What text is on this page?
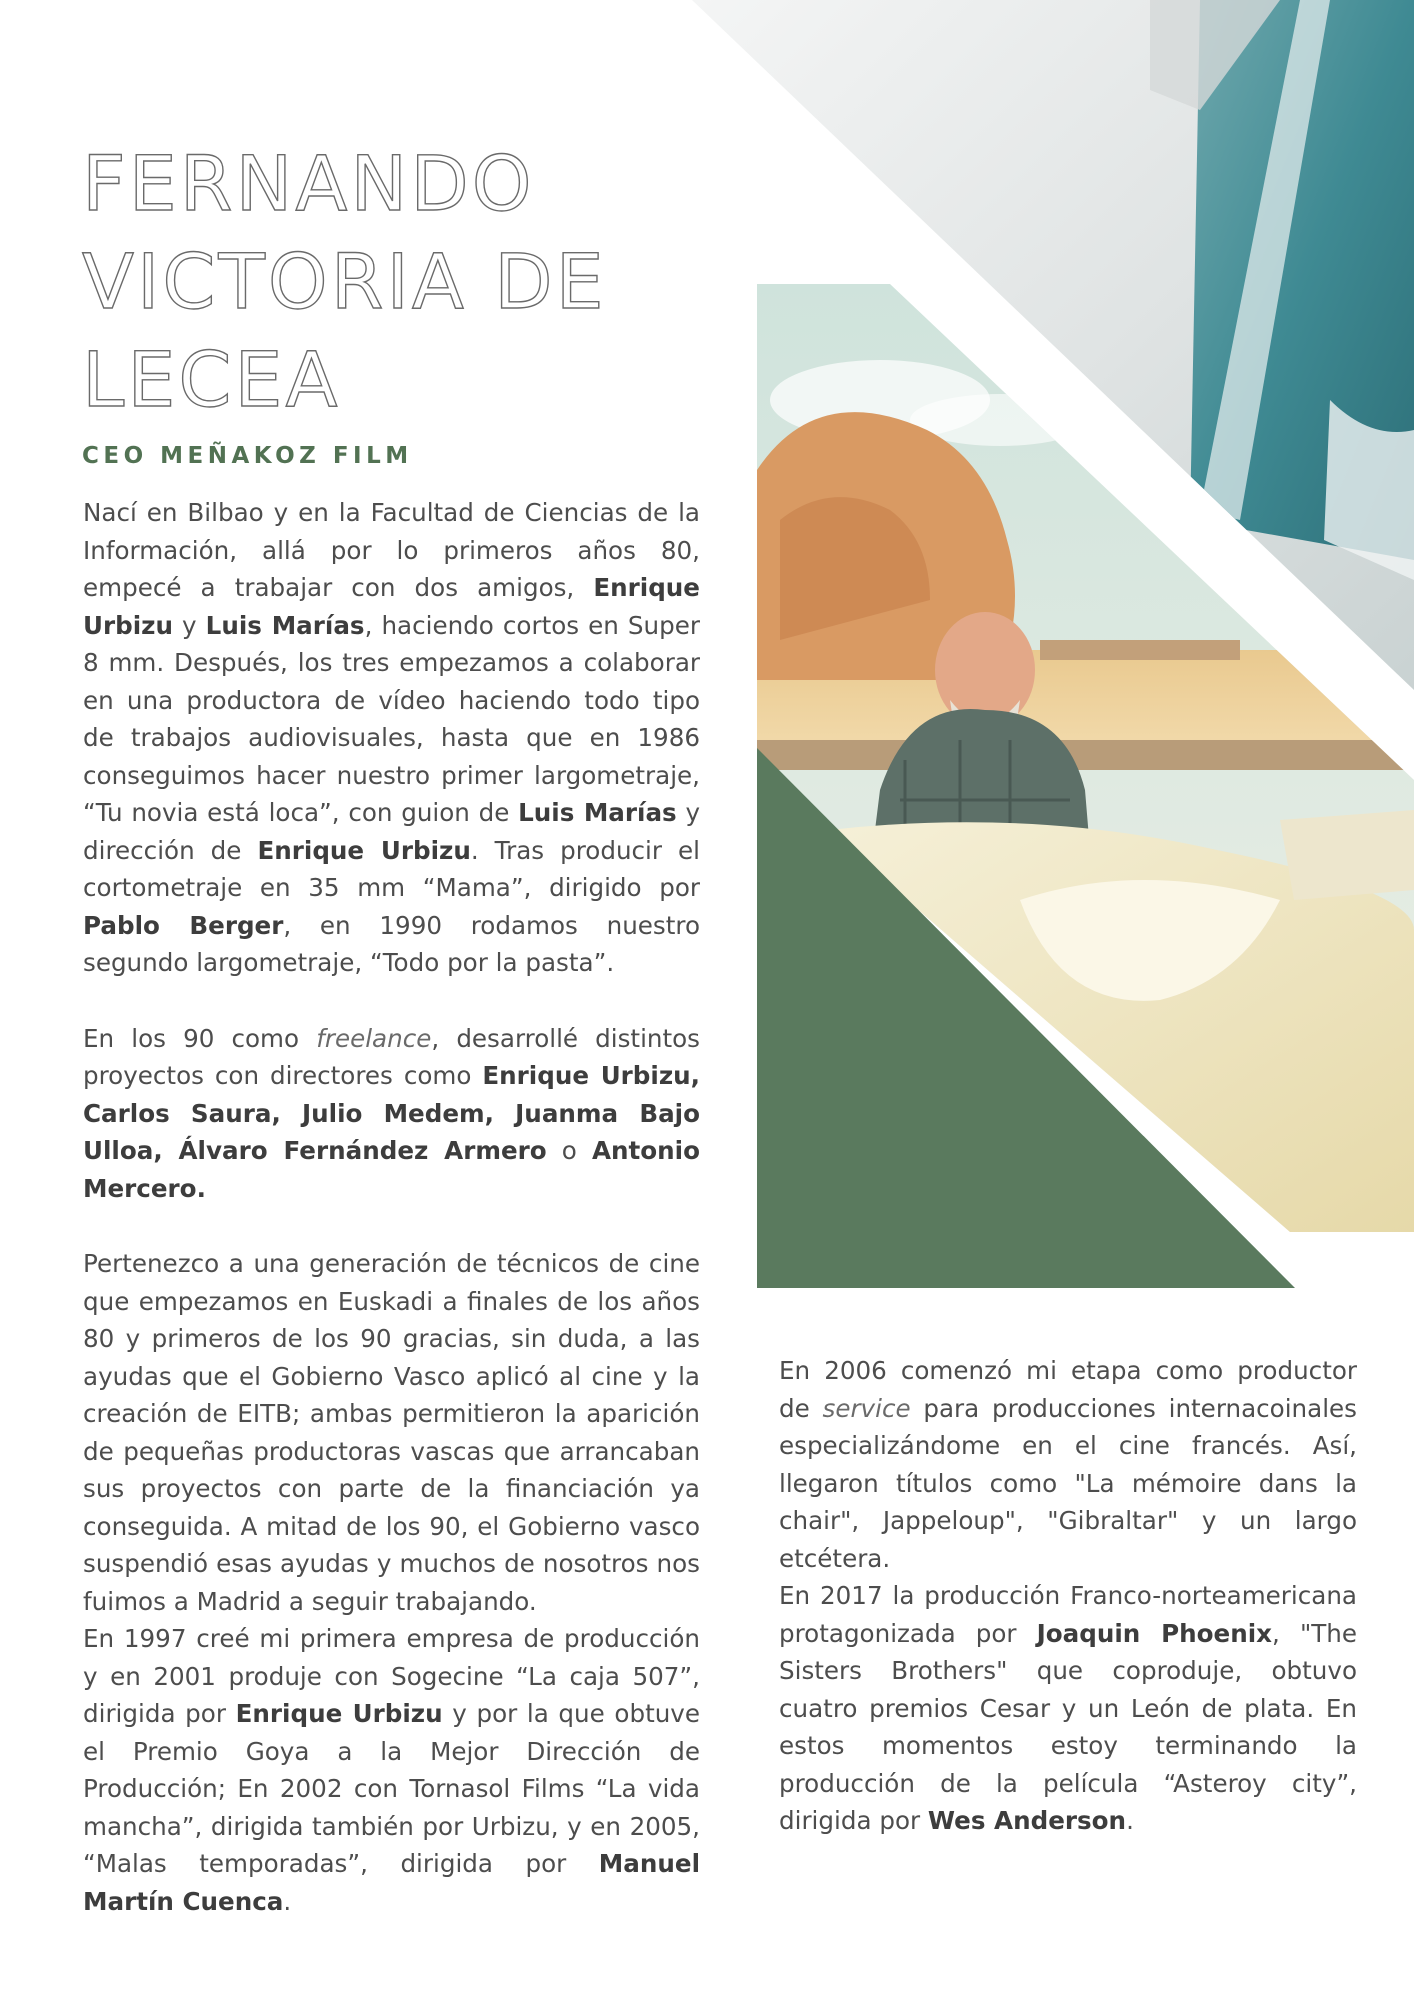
FERNANDO
VICTORIA DE
LECEA
CEO MEÑAKOZ FILM

Nací en Bilbao y en la Facultad de Ciencias de la Información, allá por lo primeros años 80, empecé a trabajar con dos amigos, Enrique Urbizu y Luis Marías, haciendo cortos en Super 8 mm. Después, los tres empezamos a colaborar en una productora de vídeo haciendo todo tipo de trabajos audiovisuales, hasta que en 1986 conseguimos hacer nuestro primer largometraje, “Tu novia está loca”, con guion de Luis Marías y dirección de Enrique Urbizu. Tras producir el cortometraje en 35 mm “Mama”, dirigido por Pablo Berger, en 1990 rodamos nuestro segundo largometraje, “Todo por la pasta”.

En los 90 como freelance, desarrollé distintos proyectos con directores como Enrique Urbizu, Carlos Saura, Julio Medem, Juanma Bajo Ulloa, Álvaro Fernández Armero o Antonio Mercero.

Pertenezco a una generación de técnicos de cine que empezamos en Euskadi a finales de los años 80 y primeros de los 90 gracias, sin duda, a las ayudas que el Gobierno Vasco aplicó al cine y la creación de EITB; ambas permitieron la aparición de pequeñas productoras vascas que arrancaban sus proyectos con parte de la financiación ya conseguida. A mitad de los 90, el Gobierno vasco suspendió esas ayudas y muchos de nosotros nos fuimos a Madrid a seguir trabajando.

En 1997 creé mi primera empresa de producción y en 2001 produje con Sogecine “La caja 507”, dirigida por Enrique Urbizu y por la que obtuve el Premio Goya a la Mejor Dirección de Producción; En 2002 con Tornasol Films “La vida mancha”, dirigida también por Urbizu, y en 2005, “Malas temporadas”, dirigida por Manuel Martín Cuenca.

En 2006 comenzó mi etapa como productor de service para producciones internacoinales especializándome en el cine francés. Así, llegaron títulos como "La mémoire dans la chair", Jappeloup", "Gibraltar" y un largo etcétera.

En 2017 la producción Franco-norteamericana protagonizada por Joaquin Phoenix, "The Sisters Brothers" que coproduje, obtuvo cuatro premios Cesar y un León de plata. En estos momentos estoy terminando la producción de la película “Asteroy city”, dirigida por Wes Anderson.
